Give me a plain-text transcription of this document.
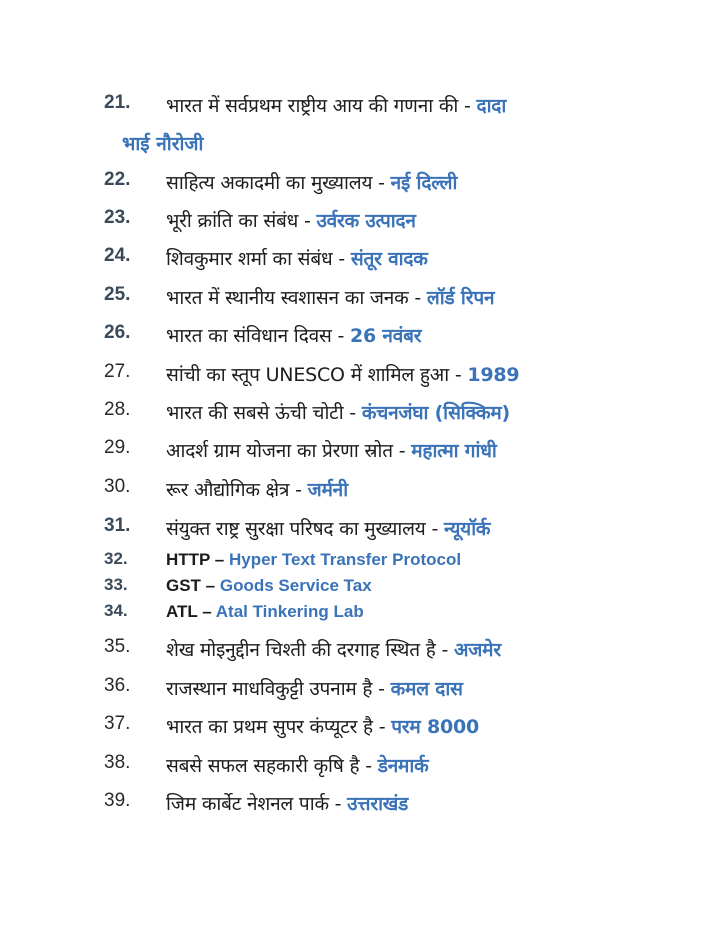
21. भारत में सर्वप्रथम राष्ट्रीय आय की गणना की - दादा
भाई नौरोजी
22. साहित्य अकादमी का मुख्यालय - नई दिल्ली
23. भूरी क्रांति का संबंध - उर्वरक उत्पादन
24. शिवकुमार शर्मा का संबंध - संतूर वादक
25. भारत में स्थानीय स्वशासन का जनक - लॉर्ड रिपन
26. भारत का संविधान दिवस - 26 नवंबर
27. सांची का स्तूप UNESCO में शामिल हुआ - 1989
28. भारत की सबसे ऊंची चोटी - कंचनजंघा (सिक्किम)
29. आदर्श ग्राम योजना का प्रेरणा स्रोत - महात्मा गांधी
30. रूर औद्योगिक क्षेत्र - जर्मनी
31. संयुक्त राष्ट्र सुरक्षा परिषद का मुख्यालय - न्यूयॉर्क
32. HTTP – Hyper Text Transfer Protocol
33. GST – Goods Service Tax
34. ATL – Atal Tinkering Lab
35. शेख मोइनुद्दीन चिश्ती की दरगाह स्थित है - अजमेर
36. राजस्थान माधविकुट्टी उपनाम है - कमल दास
37. भारत का प्रथम सुपर कंप्यूटर है - परम 8000
38. सबसे सफल सहकारी कृषि है - डेनमार्क
39. जिम कार्बेट नेशनल पार्क - उत्तराखंड
